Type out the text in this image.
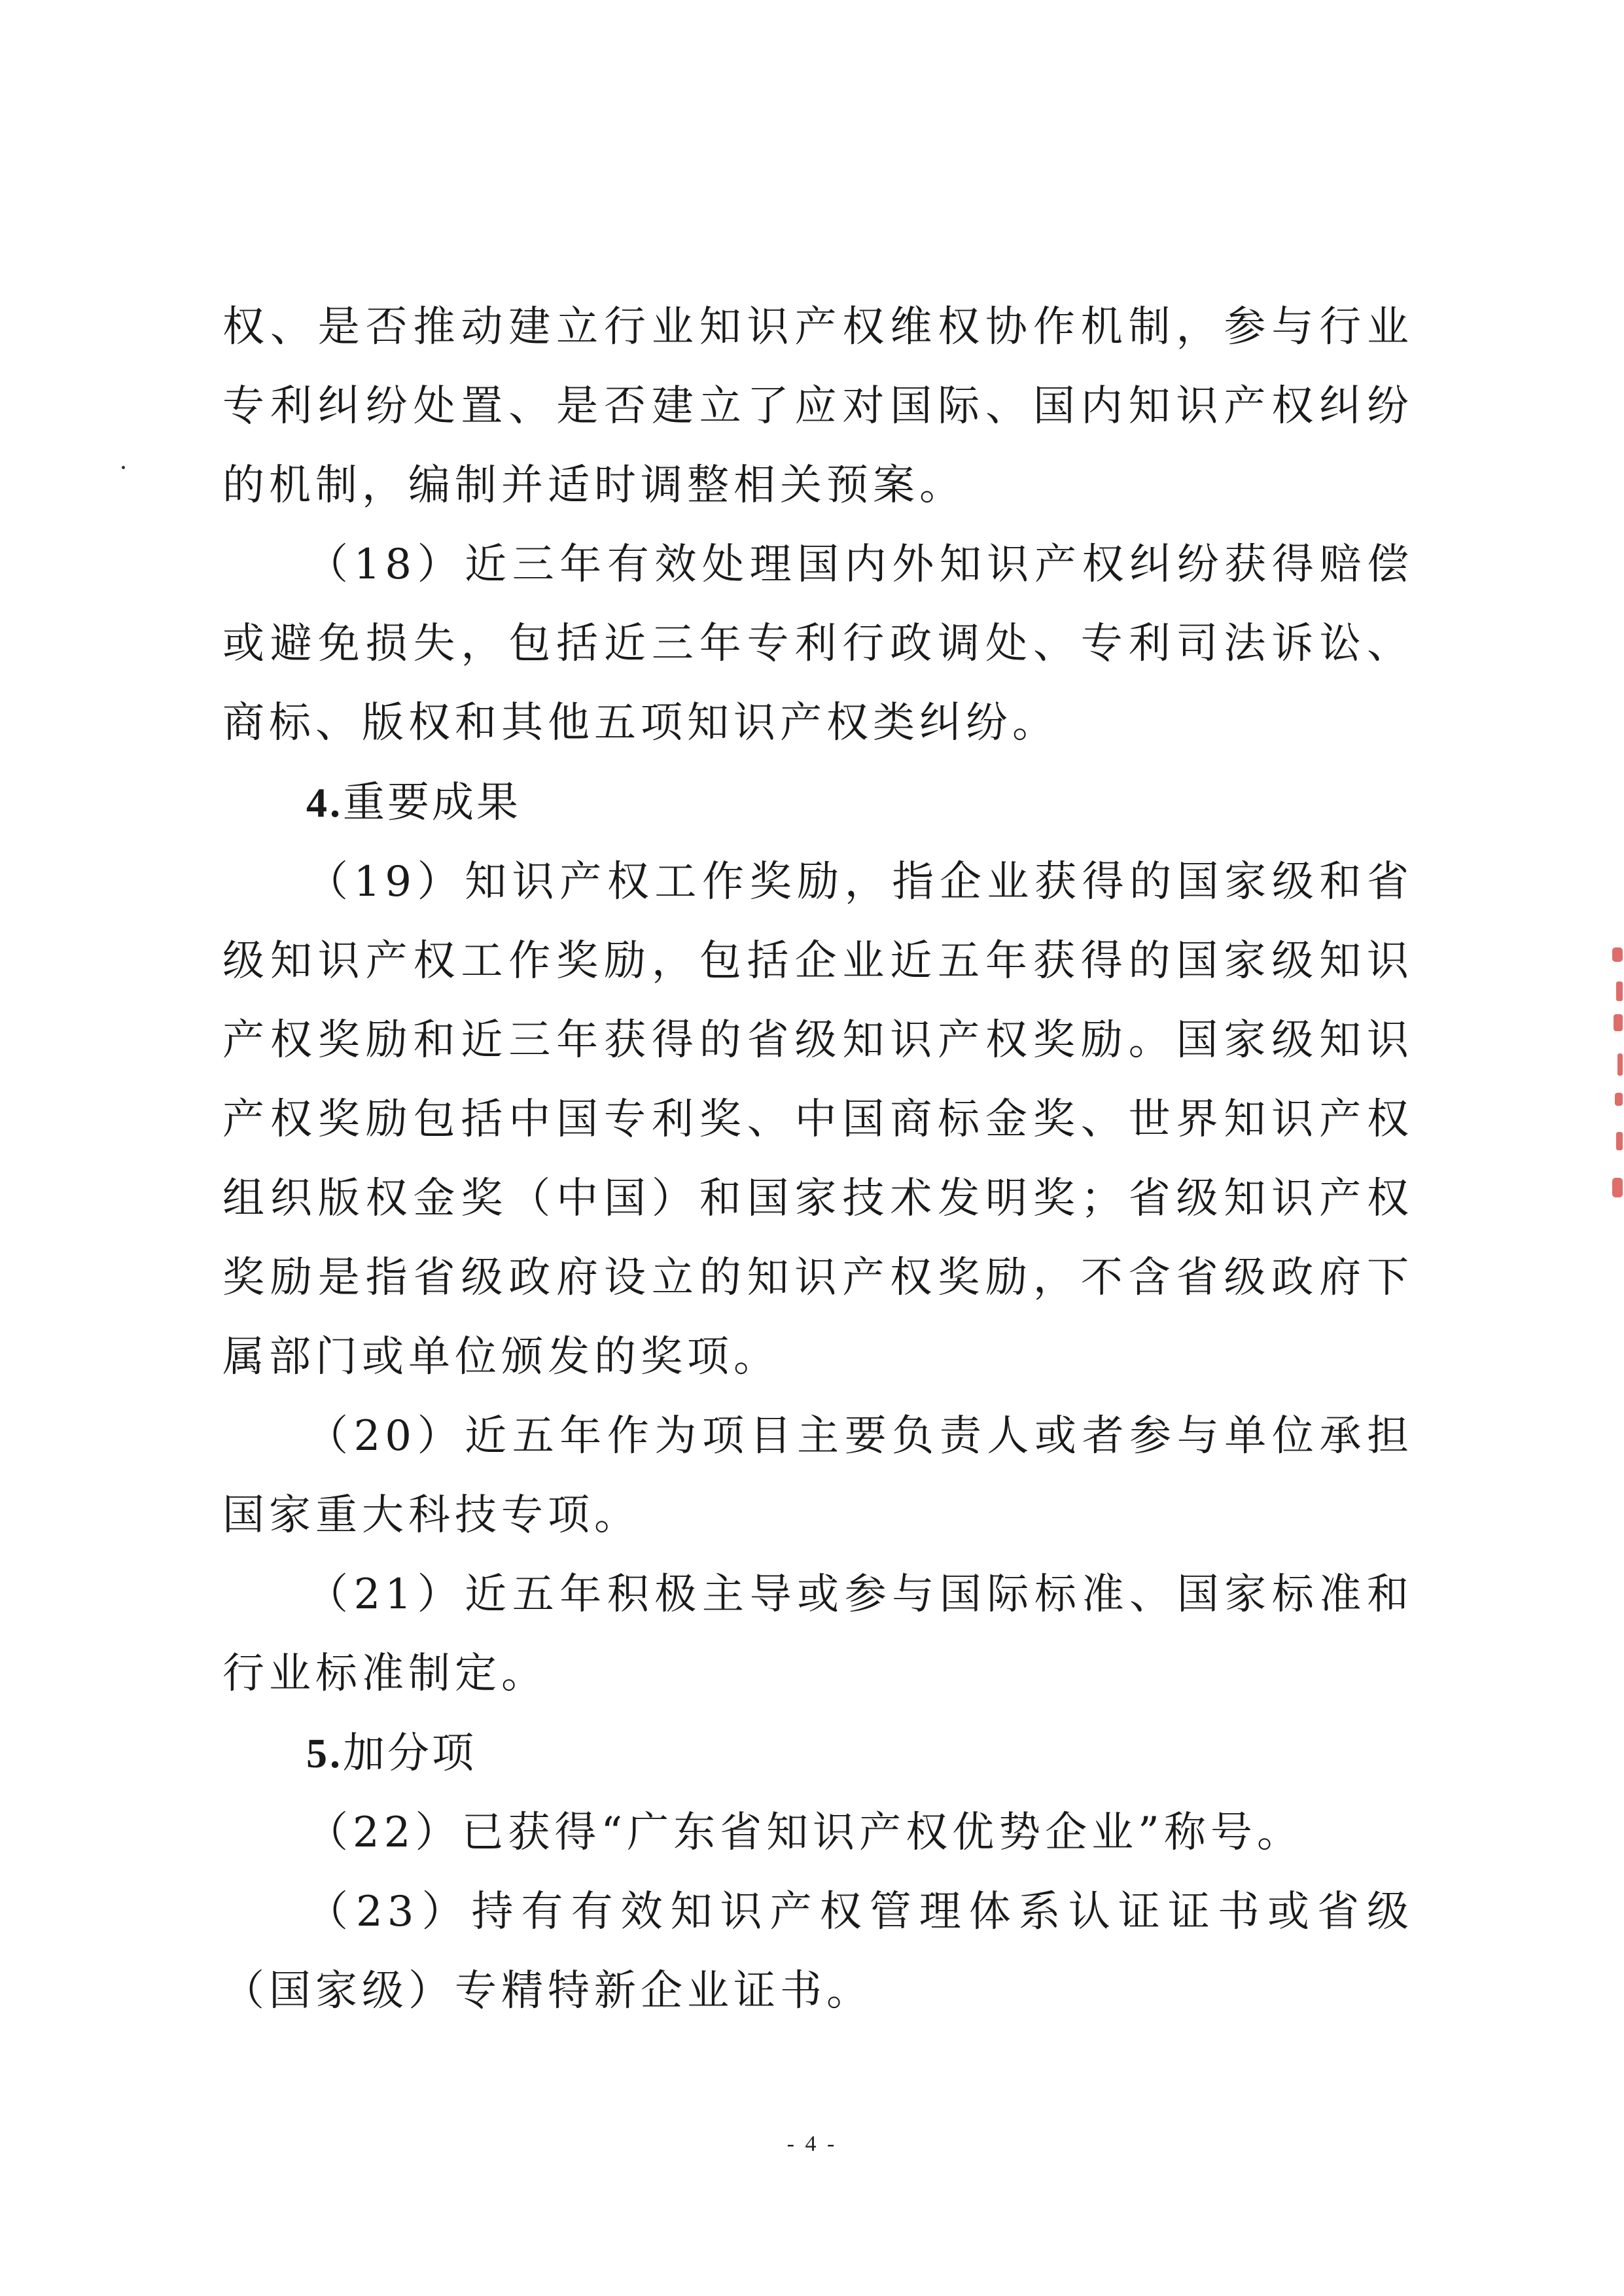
权、是否推动建立行业知识产权维权协作机制，参与行业专利纠纷处置、是否建立了应对国际、国内知识产权纠纷的机制，编制并适时调整相关预案。

（18）近三年有效处理国内外知识产权纠纷获得赔偿或避免损失，包括近三年专利行政调处、专利司法诉讼、商标、版权和其他五项知识产权类纠纷。

4.重要成果

（19）知识产权工作奖励，指企业获得的国家级和省级知识产权工作奖励，包括企业近五年获得的国家级知识产权奖励和近三年获得的省级知识产权奖励。国家级知识产权奖励包括中国专利奖、中国商标金奖、世界知识产权组织版权金奖（中国）和国家技术发明奖；省级知识产权奖励是指省级政府设立的知识产权奖励，不含省级政府下属部门或单位颁发的奖项。

（20）近五年作为项目主要负责人或者参与单位承担国家重大科技专项。

（21）近五年积极主导或参与国际标准、国家标准和行业标准制定。

5.加分项

（22）已获得“广东省知识产权优势企业”称号。

（23）持有有效知识产权管理体系认证证书或省级（国家级）专精特新企业证书。

- 4 -
